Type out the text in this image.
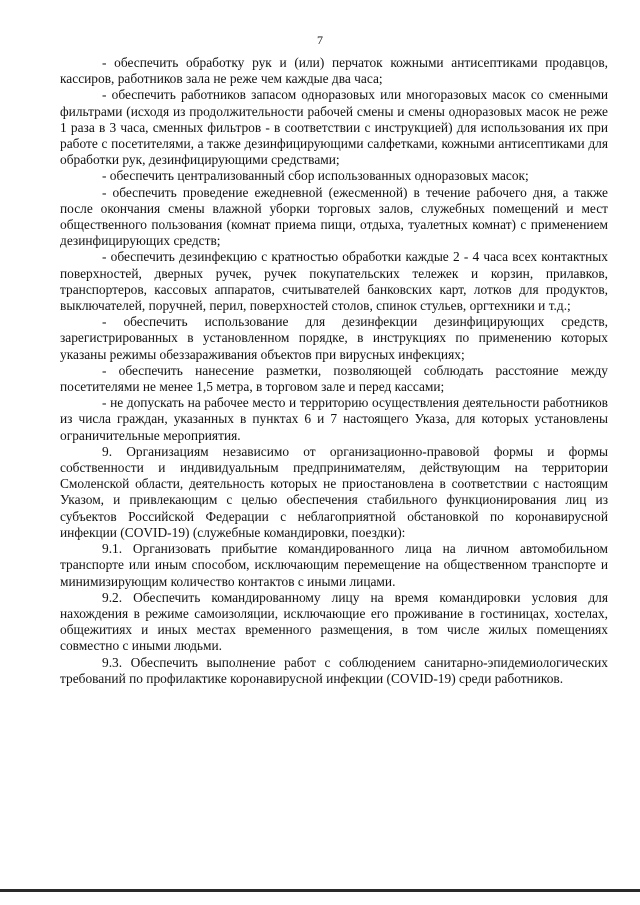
7

- обеспечить обработку рук и (или) перчаток кожными антисептиками продавцов, кассиров, работников зала не реже чем каждые два часа;

- обеспечить работников запасом одноразовых или многоразовых масок со сменными фильтрами (исходя из продолжительности рабочей смены и смены одноразовых масок не реже 1 раза в 3 часа, сменных фильтров - в соответствии с инструкцией) для использования их при работе с посетителями, а также дезинфицирующими салфетками, кожными антисептиками для обработки рук, дезинфицирующими средствами;

- обеспечить централизованный сбор использованных одноразовых масок;

- обеспечить проведение ежедневной (ежесменной) в течение рабочего дня, а также после окончания смены влажной уборки торговых залов, служебных помещений и мест общественного пользования (комнат приема пищи, отдыха, туалетных комнат) с применением дезинфицирующих средств;

- обеспечить дезинфекцию с кратностью обработки каждые 2 - 4 часа всех контактных поверхностей, дверных ручек, ручек покупательских тележек и корзин, прилавков, транспортеров, кассовых аппаратов, считывателей банковских карт, лотков для продуктов, выключателей, поручней, перил, поверхностей столов, спинок стульев, оргтехники и т.д.;

- обеспечить использование для дезинфекции дезинфицирующих средств, зарегистрированных в установленном порядке, в инструкциях по применению которых указаны режимы обеззараживания объектов при вирусных инфекциях;

- обеспечить нанесение разметки, позволяющей соблюдать расстояние между посетителями не менее 1,5 метра, в торговом зале и перед кассами;

- не допускать на рабочее место и территорию осуществления деятельности работников из числа граждан, указанных в пунктах 6 и 7 настоящего Указа, для которых установлены ограничительные мероприятия.

9. Организациям независимо от организационно-правовой формы и формы собственности и индивидуальным предпринимателям, действующим на территории Смоленской области, деятельность которых не приостановлена в соответствии с настоящим Указом, и привлекающим с целью обеспечения стабильного функционирования лиц из субъектов Российской Федерации с неблагоприятной обстановкой по коронавирусной инфекции (COVID-19) (служебные командировки, поездки):

9.1. Организовать прибытие командированного лица на личном автомобильном транспорте или иным способом, исключающим перемещение на общественном транспорте и минимизирующим количество контактов с иными лицами.

9.2. Обеспечить командированному лицу на время командировки условия для нахождения в режиме самоизоляции, исключающие его проживание в гостиницах, хостелах, общежитиях и иных местах временного размещения, в том числе жилых помещениях совместно с иными людьми.

9.3. Обеспечить выполнение работ с соблюдением санитарно-эпидемиологических требований по профилактике коронавирусной инфекции (COVID-19) среди работников.
